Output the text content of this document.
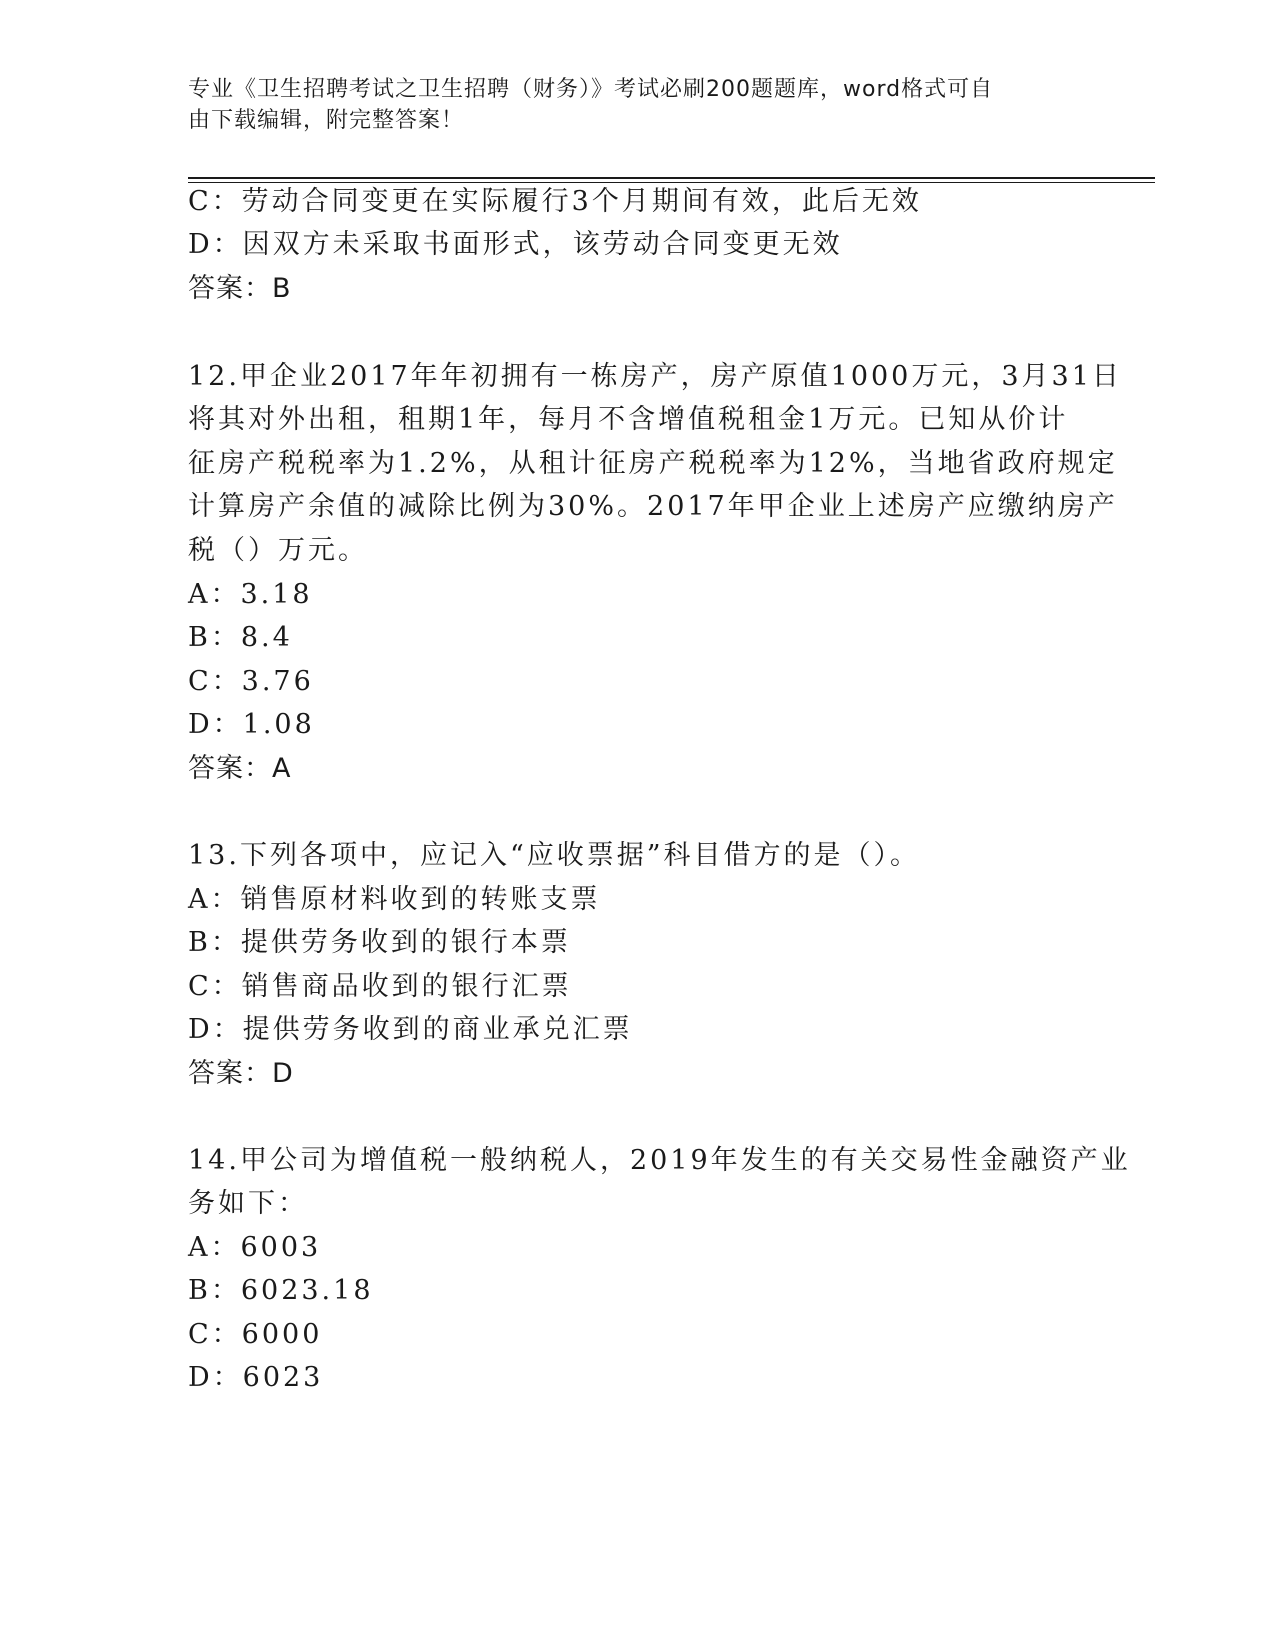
专业《卫生招聘考试之卫生招聘（财务）》考试必刷200题题库，word格式可自
由下载编辑，附完整答案！
C：劳动合同变更在实际履行3个月期间有效，此后无效
D：因双方未采取书面形式，该劳动合同变更无效
答案：B
12.甲企业2017年年初拥有一栋房产，房产原值1000万元，3月31日
将其对外出租，租期1年，每月不含增值税租金1万元。已知从价计
征房产税税率为1.2%，从租计征房产税税率为12%，当地省政府规定
计算房产余值的减除比例为30%。2017年甲企业上述房产应缴纳房产
税（）万元。
A：3.18
B：8.4
C：3.76
D：1.08
答案：A
13.下列各项中，应记入“应收票据”科目借方的是（）。
A：销售原材料收到的转账支票
B：提供劳务收到的银行本票
C：销售商品收到的银行汇票
D：提供劳务收到的商业承兑汇票
答案：D
14.甲公司为增值税一般纳税人，2019年发生的有关交易性金融资产业
务如下：
A：6003
B：6023.18
C：6000
D：6023
